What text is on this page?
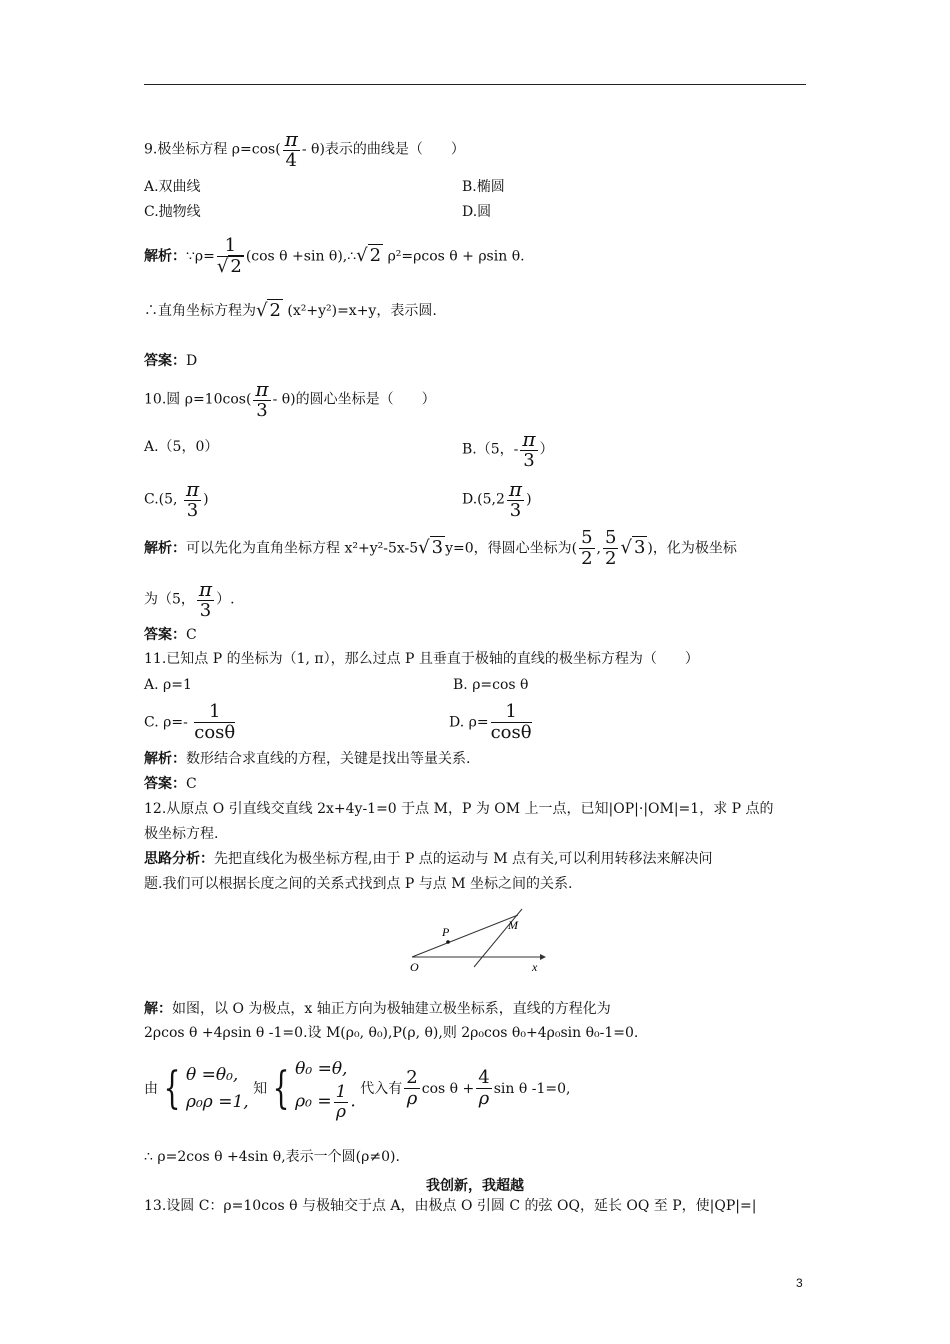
9.极坐标方程 $\rho=\cos( \frac{\pi}{4} - \theta)$表示的曲线是（　　）
A.双曲线	B.椭圆
C.抛物线	D.圆
解析：∵ρ= $\frac{1}{√ 2} (\cos$ θ +sin θ),∴√ 2 ρ²=ρcos θ + ρsin θ.
∴直角坐标方程为√ 2 (x²+y²)=x+y，表示圆.
答案：D
10.圆 $\rho=10\cos( \frac{\pi}{3} - \theta)$的圆心坐标是（　　）
A.（5，0）	B.（5，- $\frac{\pi}{3}$ ）
C.(5, $\frac{\pi}{3}$ )	$D.(5,2 \frac{\pi}{3}$ )
解析：可以先化为直角坐标方程 x²+y²-5x-5√ 3 y=0，得圆心坐标为( $\frac{5}{2}$ , $\frac{5}{2}$ √ 3 )，化为极坐标
为（5， $\frac{\pi}{3}$ ）.
答案：C
11.已知点 P 的坐标为（1, π），那么过点 P 且垂直于极轴的直线的极坐标方程为（　　）
A. ρ=1	B. ρ=cos θ
C. $\rho=- \frac{1}{\cos\theta}$	D. $\rho= \frac{1}{\cos\theta}$
解析：数形结合求直线的方程，关键是找出等量关系.
答案：C
12.从原点 O 引直线交直线 2x+4y-1=0 于点 M，P 为 OM 上一点，已知|OP|·|OM|=1，求 P 点的
极坐标方程.
思路分析：先把直线化为极坐标方程,由于 P 点的运动与 M 点有关,可以利用转移法来解决问
题.我们可以根据长度之间的关系式找到点 P 与点 M 坐标之间的关系.
P	M
O	x
解：如图，以 O 为极点，x 轴正方向为极轴建立极坐标系，直线的方程化为
2ρcos θ +4ρsin θ -1=0.设 M(ρ₀, θ₀),P(ρ, θ),则 2ρ₀cos θ₀+4ρ₀sin θ₀-1=0.
由 { θ =θ₀,
ρ₀ρ =1, 知 { θ₀ =θ,
$\rho_0 = \frac{1}{\rho}$ . 代入有 $\frac{2}{\rho}$ $\cos \theta + \frac{4}{\rho}$ sin θ -1=0,
∴ ρ=2cos θ +4sin θ,表示一个圆(ρ≠0).
我创新，我超越
13.设圆 C：ρ=10cos θ 与极轴交于点 A，由极点 O 引圆 C 的弦 OQ，延长 OQ 至 P，使|QP|=|
3
